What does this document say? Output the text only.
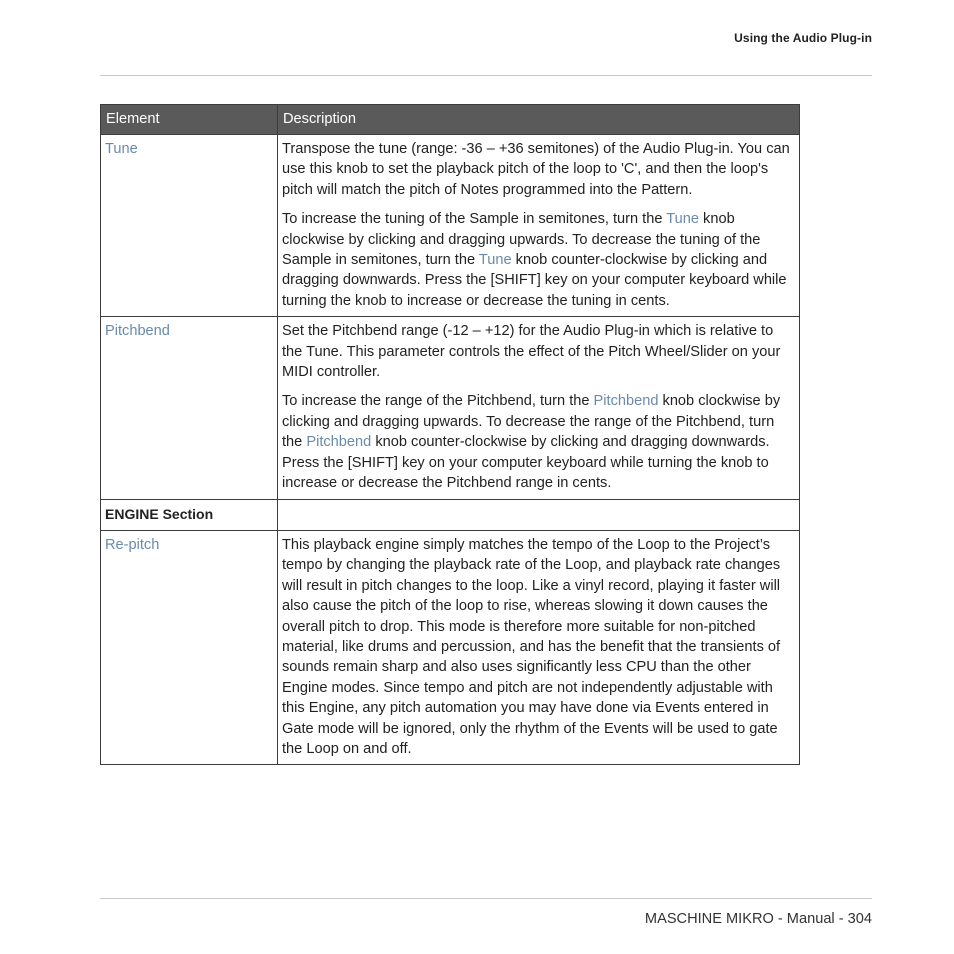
Using the Audio Plug-in
Element	Description
Tune	Transpose the tune (range: -36 – +36 semitones) of the Audio Plug-in. You can use this knob to set the playback pitch of the loop to 'C', and then the loop's pitch will match the pitch of Notes programmed into the Pattern.

To increase the tuning of the Sample in semitones, turn the Tune knob clockwise by clicking and dragging upwards. To decrease the tuning of the Sample in semitones, turn the Tune knob counter-clockwise by clicking and dragging downwards. Press the [SHIFT] key on your computer keyboard while turning the knob to increase or decrease the tuning in cents.

Pitchbend	Set the Pitchbend range (-12 – +12) for the Audio Plug-in which is relative to the Tune. This parameter controls the effect of the Pitch Wheel/Slider on your MIDI controller.

To increase the range of the Pitchbend, turn the Pitchbend knob clockwise by clicking and dragging upwards. To decrease the range of the Pitchbend, turn the Pitchbend knob counter-clockwise by clicking and dragging downwards. Press the [SHIFT] key on your computer keyboard while turning the knob to increase or decrease the Pitchbend range in cents.

ENGINE Section	
Re-pitch	This playback engine simply matches the tempo of the Loop to the Project’s tempo by changing the playback rate of the Loop, and playback rate changes will result in pitch changes to the loop. Like a vinyl record, playing it faster will also cause the pitch of the loop to rise, whereas slowing it down causes the overall pitch to drop. This mode is therefore more suitable for non-pitched material, like drums and percussion, and has the benefit that the transients of sounds remain sharp and also uses significantly less CPU than the other Engine modes. Since tempo and pitch are not independently adjustable with this Engine, any pitch automation you may have done via Events entered in Gate mode will be ignored, only the rhythm of the Events will be used to gate the Loop on and off.

MASCHINE MIKRO - Manual - 304
